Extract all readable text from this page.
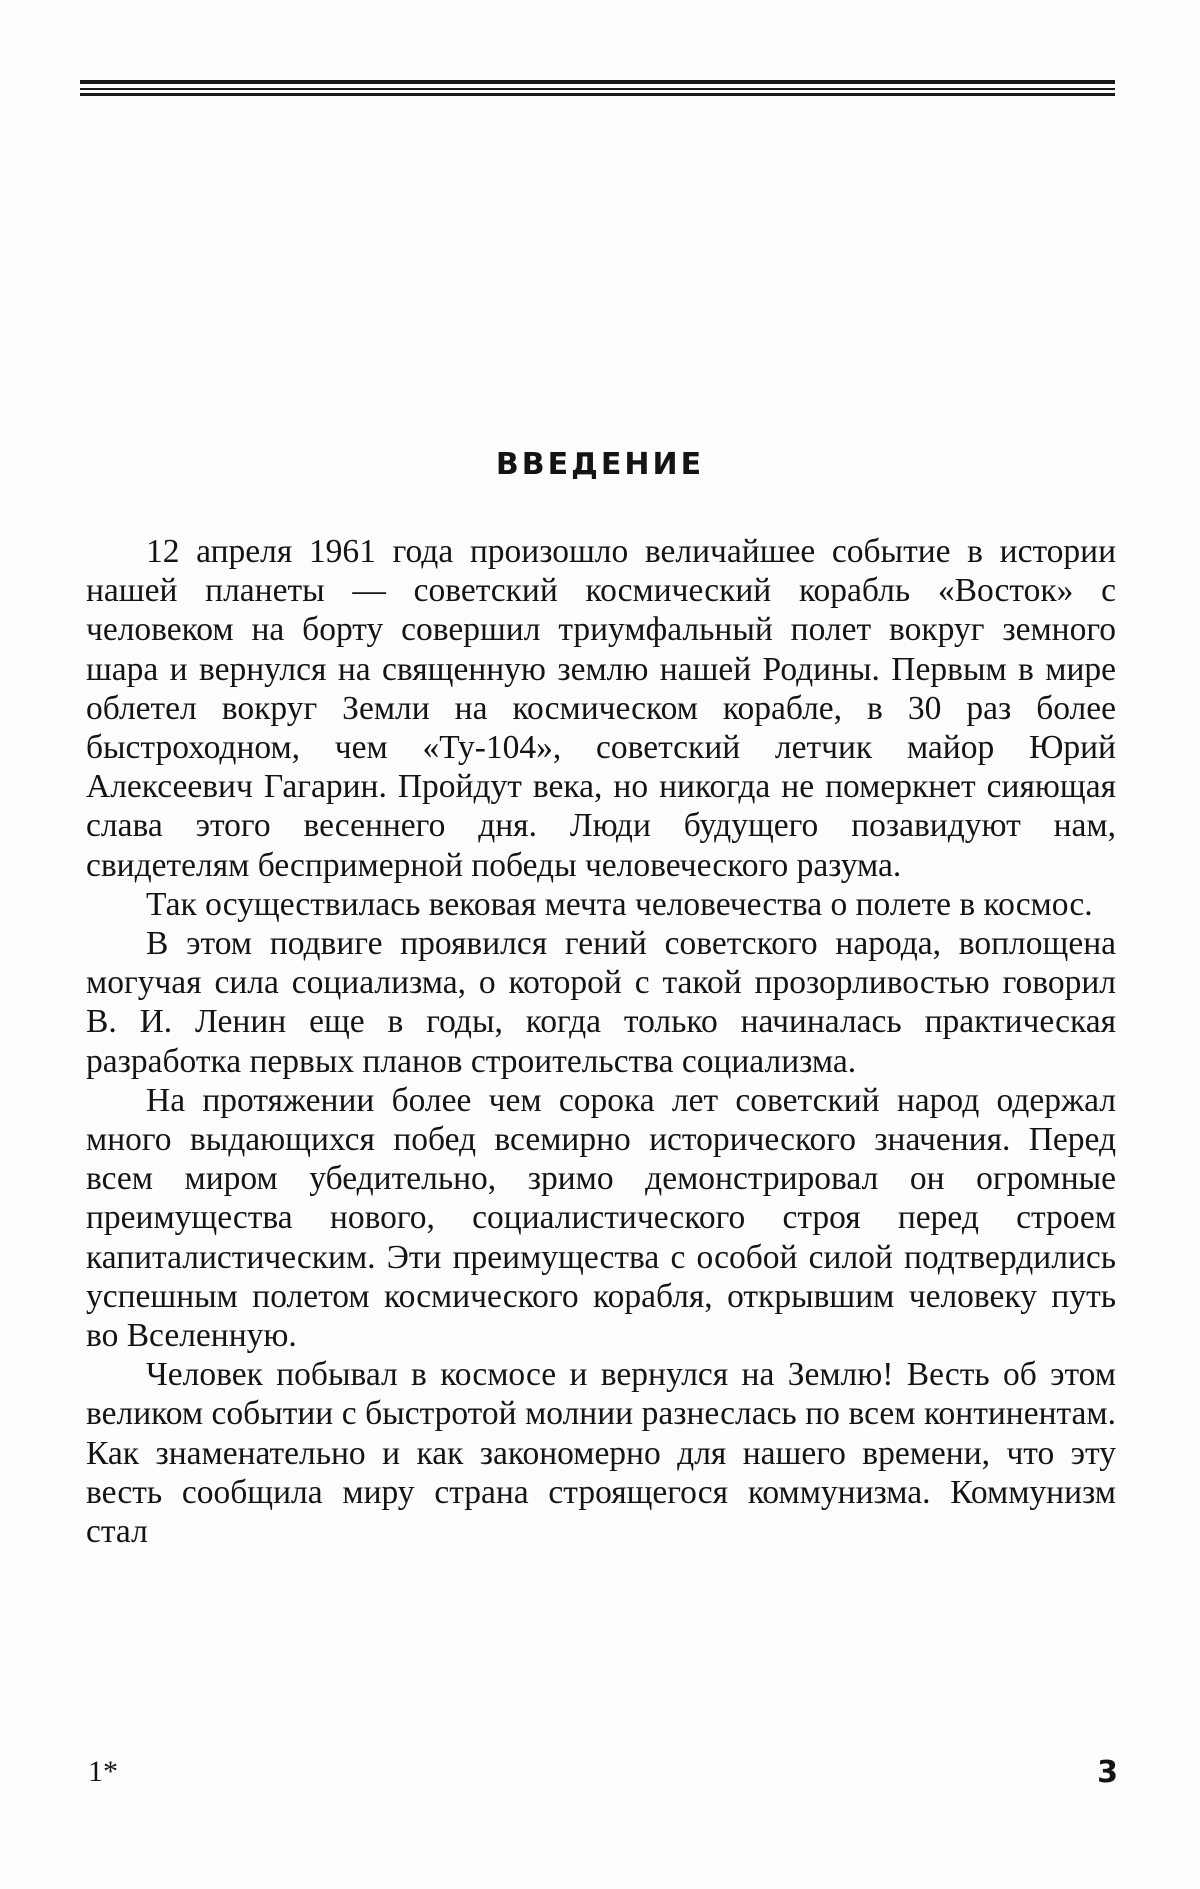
ВВЕДЕНИЕ

12 апреля 1961 года произошло величайшее событие в истории нашей планеты — советский космический корабль «Восток» с человеком на борту совершил триумфальный полет вокруг земного шара и вернулся на священную землю нашей Родины. Первым в мире облетел вокруг Земли на космическом корабле, в 30 раз более быстроходном, чем «Ту-104», советский летчик майор Юрий Алексеевич Гагарин. Пройдут века, но никогда не померкнет сияющая слава этого весеннего дня. Люди будущего позавидуют нам, свидетелям беспримерной победы человеческого разума.

Так осуществилась вековая мечта человечества о полете в космос.

В этом подвиге проявился гений советского народа, воплощена могучая сила социализма, о которой с такой прозорливостью говорил В. И. Ленин еще в годы, когда только начиналась практическая разработка первых планов строительства социализма.

На протяжении более чем сорока лет советский народ одержал много выдающихся побед всемирно исторического значения. Перед всем миром убедительно, зримо демонстрировал он огромные преимущества нового, социалистического строя перед строем капиталистическим. Эти преимущества с особой силой подтвердились успешным полетом космического корабля, открывшим человеку путь во Вселенную.

Человек побывал в космосе и вернулся на Землю! Весть об этом великом событии с быстротой молнии разнеслась по всем континентам. Как знаменательно и как закономерно для нашего времени, что эту весть сообщила миру страна строящегося коммунизма. Коммунизм стал

1*	3
